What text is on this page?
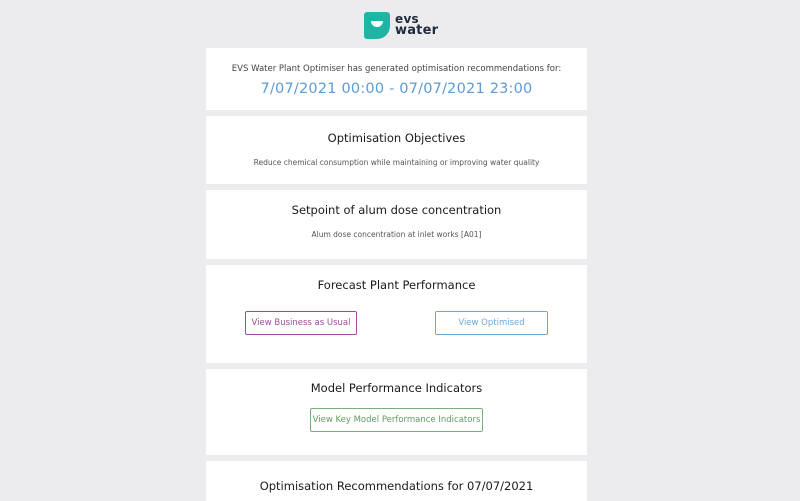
evs
water
EVS Water Plant Optimiser has generated optimisation recommendations for:
7/07/2021 00:00 - 07/07/2021 23:00
Optimisation Objectives
Reduce chemical consumption while maintaining or improving water quality
Setpoint of alum dose concentration
Alum dose concentration at inlet works [A01]
Forecast Plant Performance
View Business as Usual	View Optimised
Model Performance Indicators
View Key Model Performance Indicators
Optimisation Recommendations for 07/07/2021
